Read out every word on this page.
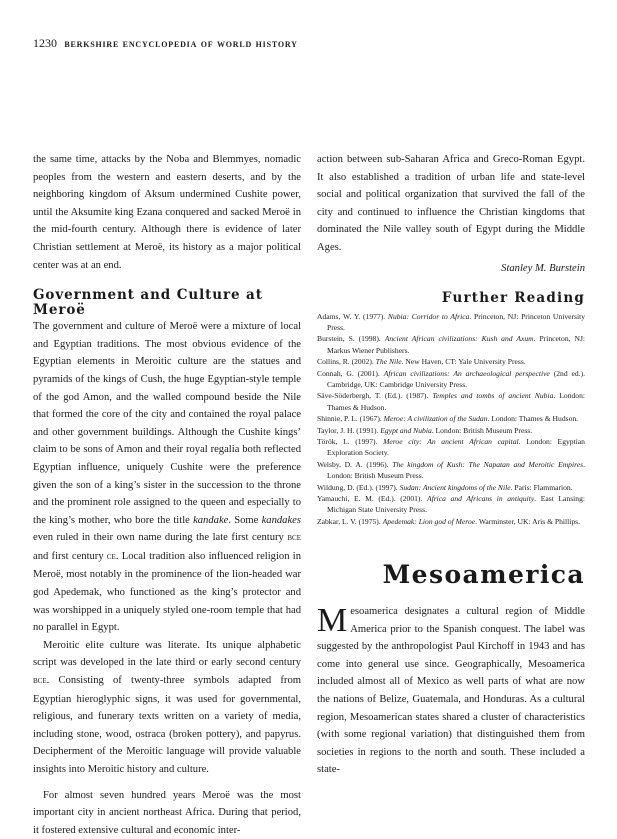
1230 berkshire encyclopedia of world history

the same time, attacks by the Noba and Blemmyes, nomadic peoples from the western and eastern deserts, and by the neighboring kingdom of Aksum undermined Cushite power, until the Aksumite king Ezana conquered and sacked Meroë in the mid-fourth century. Although there is evidence of later Christian settlement at Meroë, its history as a major political center was at an end.

Government and Culture at Meroë

The government and culture of Meroë were a mixture of local and Egyptian traditions. The most obvious evidence of the Egyptian elements in Meroitic culture are the statues and pyramids of the kings of Cush, the huge Egyptian-style temple of the god Amon, and the walled compound beside the Nile that formed the core of the city and contained the royal palace and other government buildings. Although the Cushite kings’ claim to be sons of Amon and their royal regalia both reflected Egyptian influence, uniquely Cushite were the preference given the son of a king’s sister in the succession to the throne and the prominent role assigned to the queen and especially to the king’s mother, who bore the title kandake. Some kandakes even ruled in their own name during the late first century bce and first century ce. Local tradition also influenced religion in Meroë, most notably in the prominence of the lion-headed war god Apedemak, who functioned as the king’s protector and was worshipped in a uniquely styled one-room temple that had no parallel in Egypt.

Meroitic elite culture was literate. Its unique alphabetic script was developed in the late third or early second century bce. Consisting of twenty-three symbols adapted from Egyptian hieroglyphic signs, it was used for governmental, religious, and funerary texts written on a variety of media, including stone, wood, ostraca (broken pottery), and papyrus. Decipherment of the Meroitic language will provide valuable insights into Meroitic history and culture.

For almost seven hundred years Meroë was the most important city in ancient northeast Africa. During that period, it fostered extensive cultural and economic inter-

action between sub-Saharan Africa and Greco-Roman Egypt. It also established a tradition of urban life and state-level social and political organization that survived the fall of the city and continued to influence the Christian kingdoms that dominated the Nile valley south of Egypt during the Middle Ages.

Stanley M. Burstein
Further Reading
Adams, W. Y. (1977). Nubia: Corridor to Africa. Princeton, NJ: Princeton University Press.
Burstein, S. (1998). Ancient African civilizations: Kush and Axum. Princeton, NJ: Markus Wiener Publishers.
Collins, R. (2002). The Nile. New Haven, CT: Yale University Press.
Connah, G. (2001). African civilizations: An archaeological perspective (2nd ed.). Cambridge, UK: Cambridge University Press.
Säve-Söderbergh, T. (Ed.). (1987). Temples and tombs of ancient Nubia. London: Thames & Hudson.
Shinnie, P. L. (1967). Meroe: A civilization of the Sudan. London: Thames & Hudson.
Taylor, J. H. (1991). Egypt and Nubia. London: British Museum Press.
Török, L. (1997). Meroe city: An ancient African capital. London: Egyptian Exploration Society.
Welsby, D. A. (1996). The kingdom of Kush: The Napatan and Meroitic Empires. London: British Museum Press.
Wildung, D. (Ed.). (1997). Sudan: Ancient kingdoms of the Nile. Paris: Flammarion.
Yamauchi, E. M. (Ed.). (2001). Africa and Africans in antiquity. East Lansing: Michigan State University Press.
Zabkar, L. V. (1975). Apedemak: Lion god of Meroe. Warminster, UK: Aris & Phillips.
Mesoamerica

Mesoamerica designates a cultural region of Middle America prior to the Spanish conquest. The label was suggested by the anthropologist Paul Kirchoff in 1943 and has come into general use since. Geographically, Mesoamerica included almost all of Mexico as well parts of what are now the nations of Belize, Guatemala, and Honduras. As a cultural region, Mesoamerican states shared a cluster of characteristics (with some regional variation) that distinguished them from societies in regions to the north and south. These included a state-
